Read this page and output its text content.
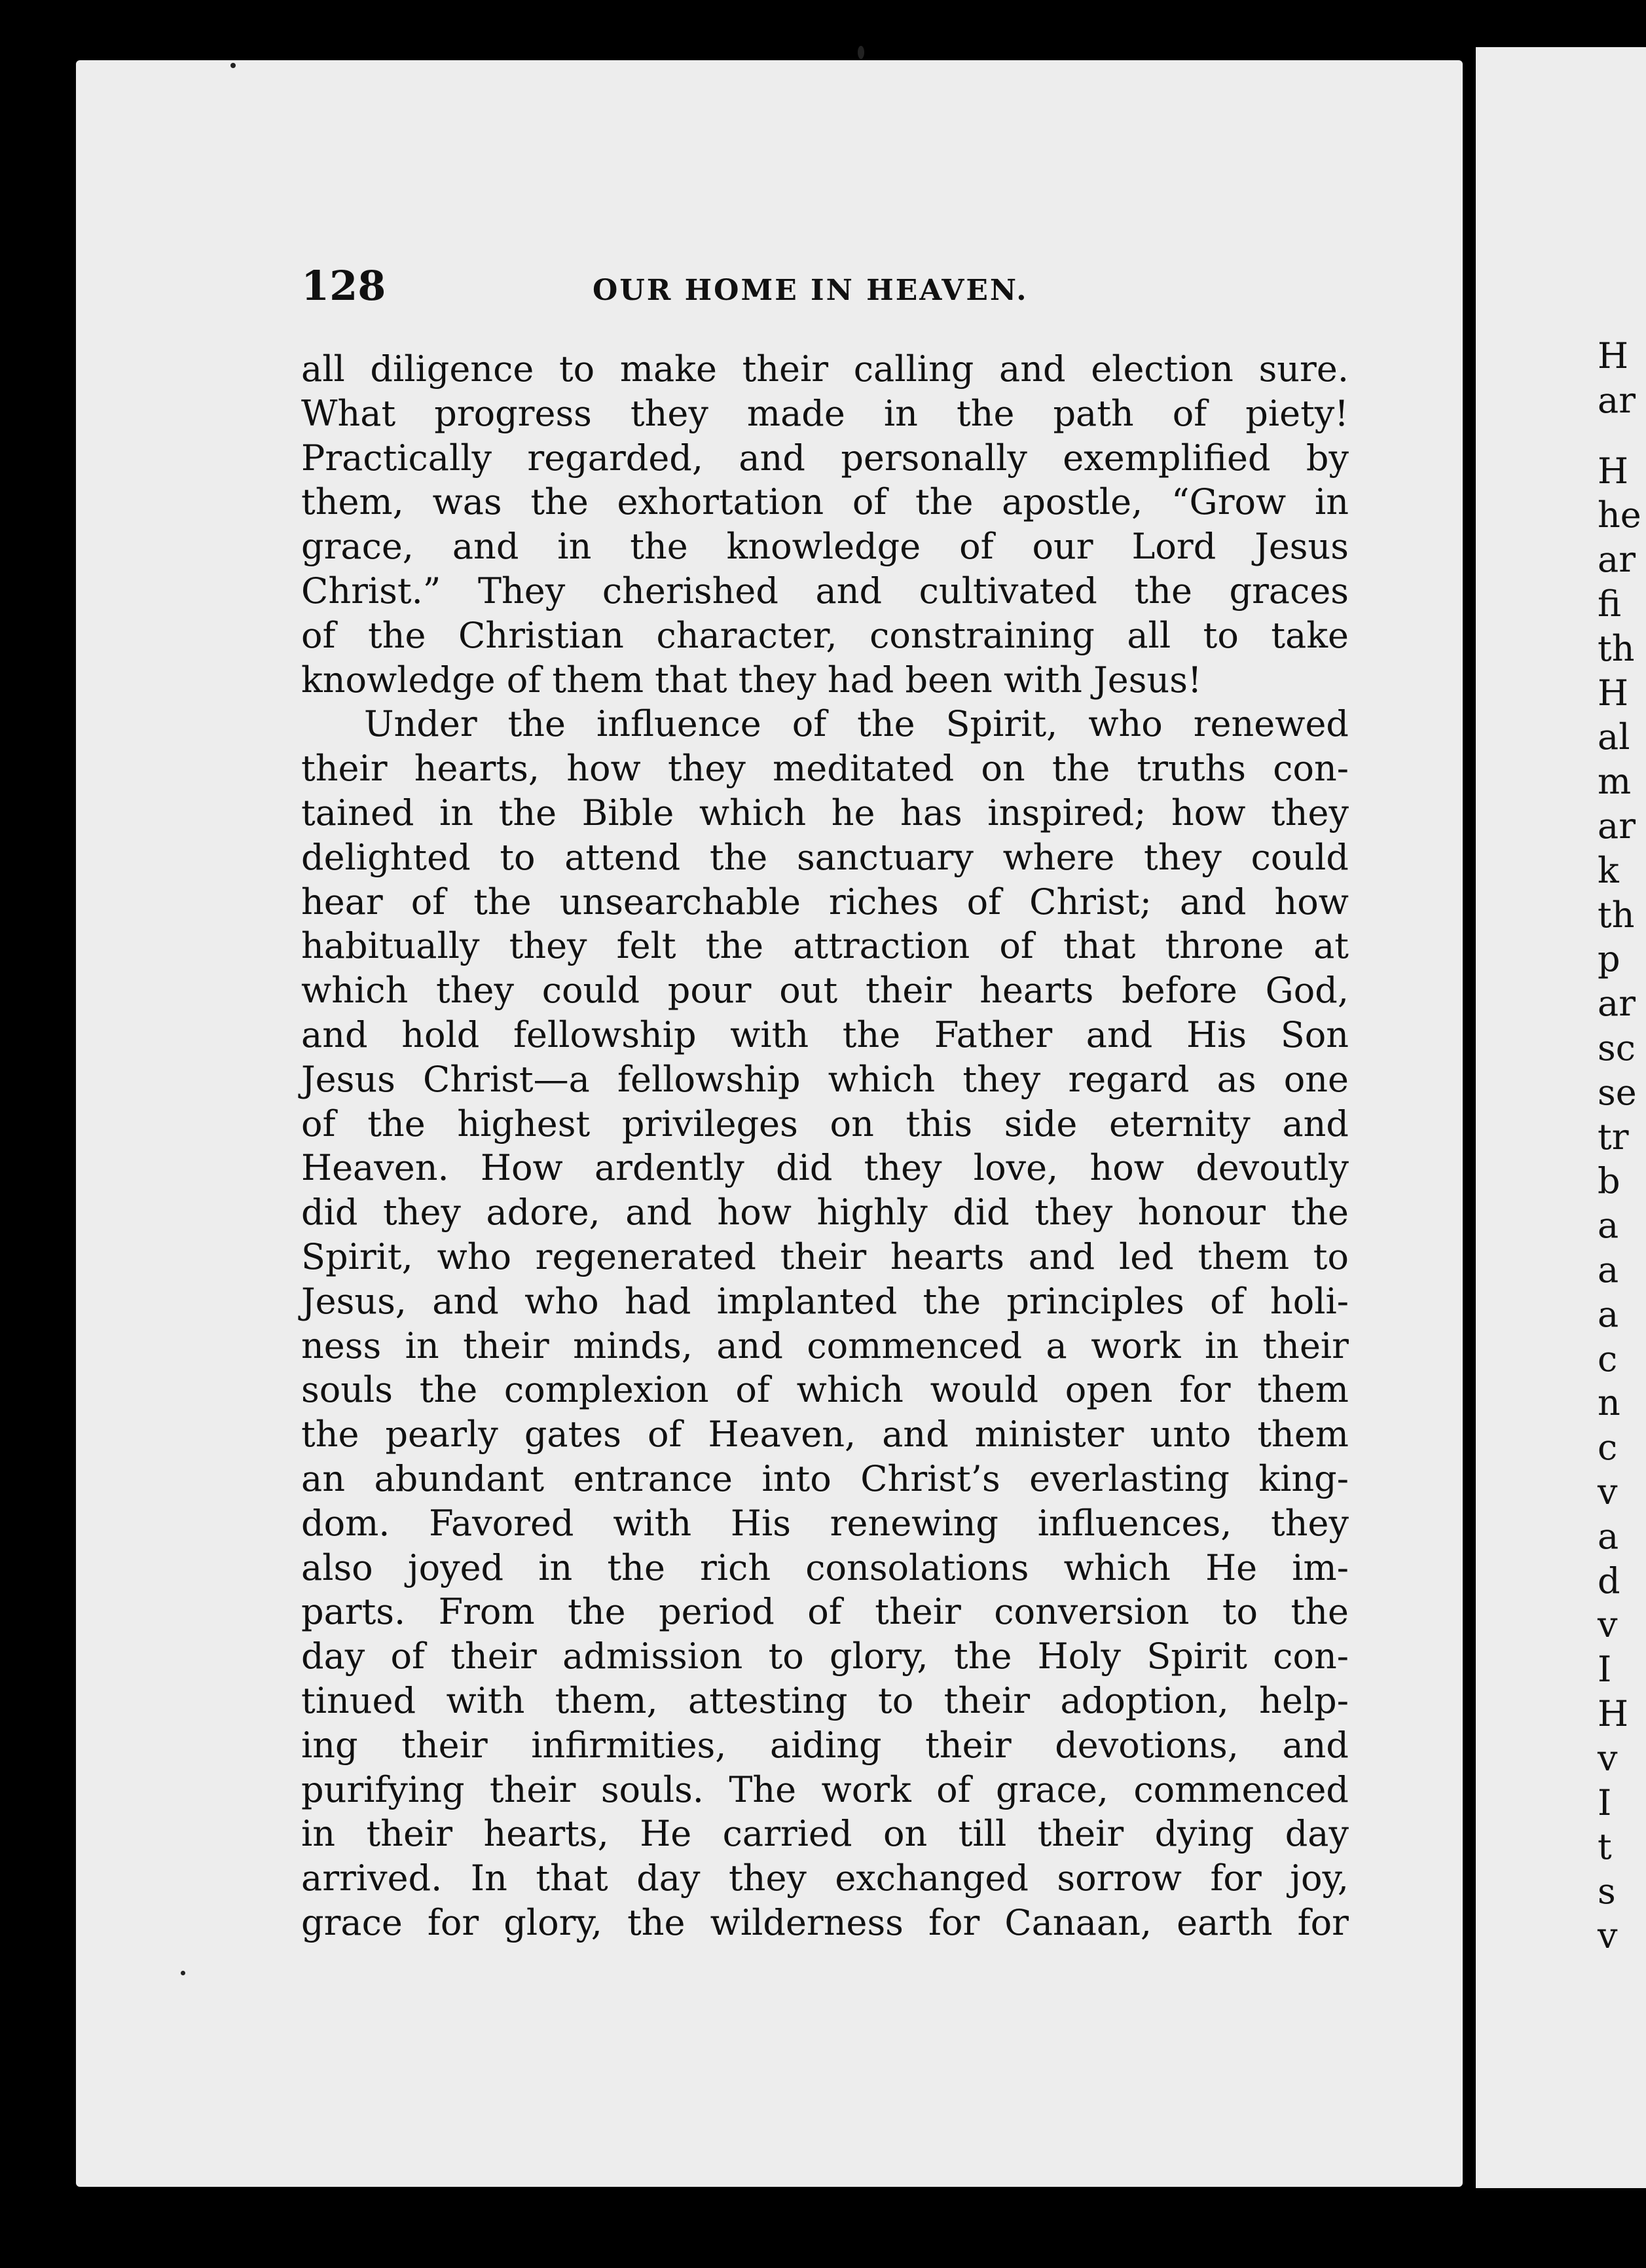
128	OUR HOME IN HEAVEN.
all diligence to make their calling and election sure.
What progress they made in the path of piety!
Practically regarded, and personally exemplified by
them, was the exhortation of the apostle, “Grow in
grace, and in the knowledge of our Lord Jesus
Christ.” They cherished and cultivated the graces
of the Christian character, constraining all to take
knowledge of them that they had been with Jesus!
Under the influence of the Spirit, who renewed
their hearts, how they meditated on the truths con-
tained in the Bible which he has inspired; how they
delighted to attend the sanctuary where they could
hear of the unsearchable riches of Christ; and how
habitually they felt the attraction of that throne at
which they could pour out their hearts before God,
and hold fellowship with the Father and His Son
Jesus Christ—a fellowship which they regard as one
of the highest privileges on this side eternity and
Heaven. How ardently did they love, how devoutly
did they adore, and how highly did they honour the
Spirit, who regenerated their hearts and led them to
Jesus, and who had implanted the principles of holi-
ness in their minds, and commenced a work in their
souls the complexion of which would open for them
the pearly gates of Heaven, and minister unto them
an abundant entrance into Christ’s everlasting king-
dom. Favored with His renewing influences, they
also joyed in the rich consolations which He im-
parts. From the period of their conversion to the
day of their admission to glory, the Holy Spirit con-
tinued with them, attesting to their adoption, help-
ing their infirmities, aiding their devotions, and
purifying their souls. The work of grace, commenced
in their hearts, He carried on till their dying day
arrived. In that day they exchanged sorrow for joy,
grace for glory, the wilderness for Canaan, earth for
H
ar
H
he
ar
fi
th
H
al
m
ar
k
th
p
ar
sc
se
tr
b
a
a
a
c
n
c
v
a
d
v
I
H
v
I
t
s
v
